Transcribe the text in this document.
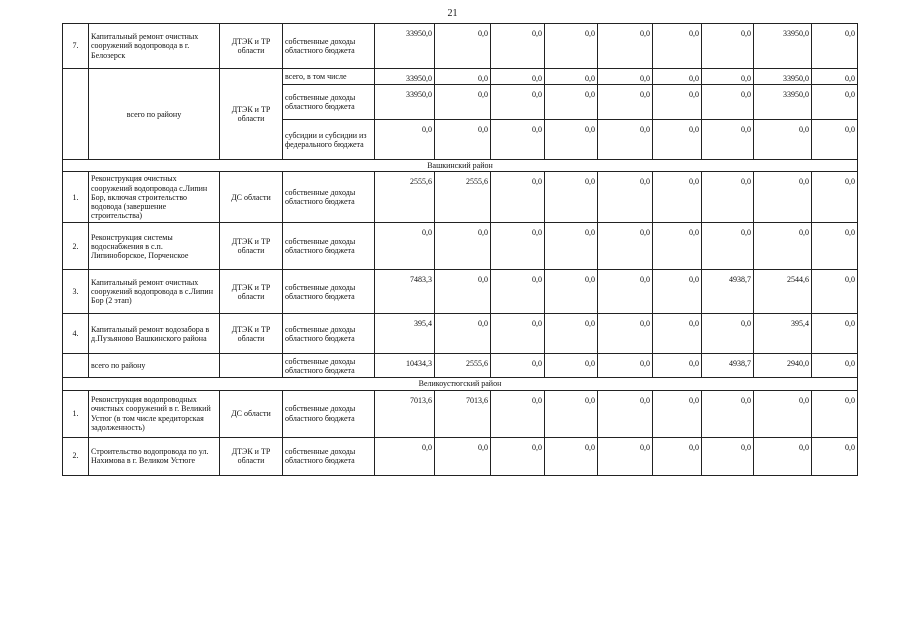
21
7.	Капитальный ремонт очистных сооружений водопровода в г. Белозерск	ДТЭК и ТР области	собственные доходы областного бюджета	33950,0	0,0	0,0	0,0	0,0	0,0	0,0	33950,0	0,0
	всего по району	ДТЭК и ТР области	всего, в том числе	33950,0	0,0	0,0	0,0	0,0	0,0	0,0	33950,0	0,0
			собственные доходы областного бюджета	33950,0	0,0	0,0	0,0	0,0	0,0	0,0	33950,0	0,0
			субсидии и субсидии из федерального бюджета	0,0	0,0	0,0	0,0	0,0	0,0	0,0	0,0	0,0
Вашкинский район												
1.	Реконструкция очистных сооружений водопровода с.Липин Бор, включая строительство водовода (завершение строительства)	ДС области	собственные доходы областного бюджета	2555,6	2555,6	0,0	0,0	0,0	0,0	0,0	0,0	0,0
2.	Реконструкция системы водоснабжения в с.п. Липиноборское, Порченское	ДТЭК и ТР области	собственные доходы областного бюджета	0,0	0,0	0,0	0,0	0,0	0,0	0,0	0,0	0,0
3.	Капитальный ремонт очистных сооружений водопровода в с.Липин Бор (2 этап)	ДТЭК и ТР области	собственные доходы областного бюджета	7483,3	0,0	0,0	0,0	0,0	0,0	4938,7	2544,6	0,0
4.	Капитальный ремонт водозабора в д.Пузьяново Вашкинского района	ДТЭК и ТР области	собственные доходы областного бюджета	395,4	0,0	0,0	0,0	0,0	0,0	0,0	395,4	0,0
	всего по району		собственные доходы областного бюджета	10434,3	2555,6	0,0	0,0	0,0	0,0	4938,7	2940,0	0,0
Великоустюгский район												
1.	Реконструкция водопроводных очистных сооружений в г. Великий Устюг (в том числе кредиторская задолженность)	ДС области	собственные доходы областного бюджета	7013,6	7013,6	0,0	0,0	0,0	0,0	0,0	0,0	0,0
2.	Строительство водопровода по ул. Нахимова в г. Великом Устюге	ДТЭК и ТР области	собственные доходы областного бюджета	0,0	0,0	0,0	0,0	0,0	0,0	0,0	0,0	0,0
